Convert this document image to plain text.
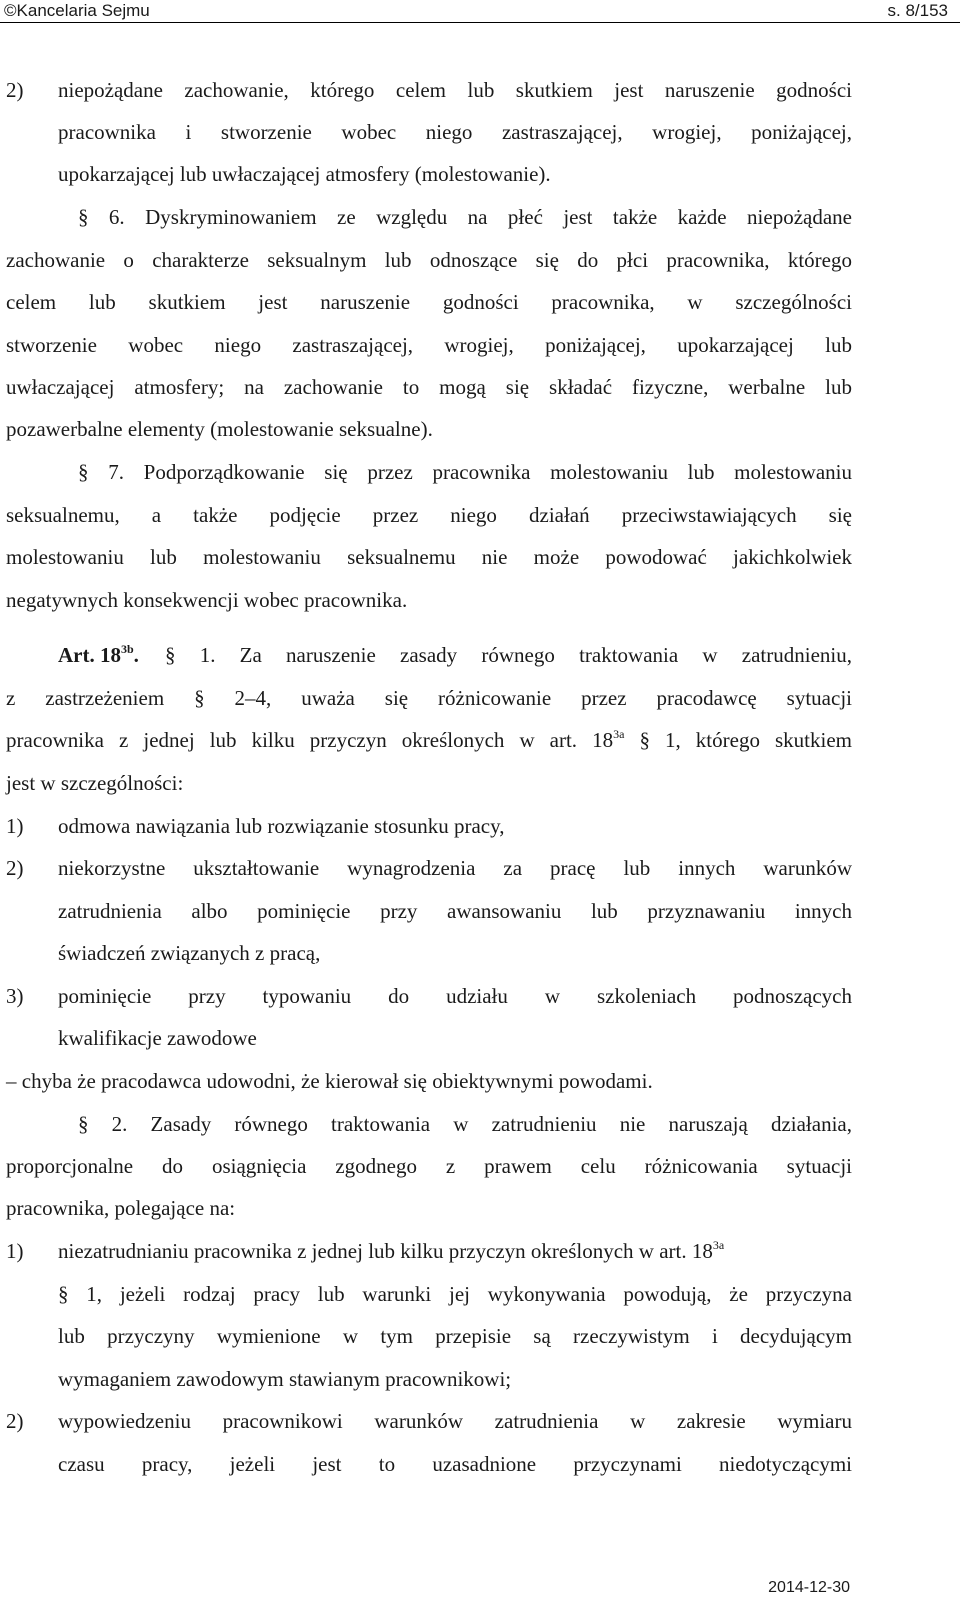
©Kancelaria Sejmu	s. 8/153
2)	niepożądane zachowanie, którego celem lub skutkiem jest naruszenie godności
pracownika i stworzenie wobec niego zastraszającej, wrogiej, poniżającej,
upokarzającej lub uwłaczającej atmosfery (molestowanie).
§ 6. Dyskryminowaniem ze względu na płeć jest także każde niepożądane
zachowanie o charakterze seksualnym lub odnoszące się do płci pracownika, którego
celem lub skutkiem jest naruszenie godności pracownika, w szczególności
stworzenie wobec niego zastraszającej, wrogiej, poniżającej, upokarzającej lub
uwłaczającej atmosfery; na zachowanie to mogą się składać fizyczne, werbalne lub
pozawerbalne elementy (molestowanie seksualne).
§ 7. Podporządkowanie się przez pracownika molestowaniu lub molestowaniu
seksualnemu, a także podjęcie przez niego działań przeciwstawiających się
molestowaniu lub molestowaniu seksualnemu nie może powodować jakichkolwiek
negatywnych konsekwencji wobec pracownika.
Art. $18^{3b}$.	§ 1. Za naruszenie zasady równego traktowania w zatrudnieniu,
z zastrzeżeniem § 2–4, uważa się różnicowanie przez pracodawcę sytuacji
pracownika z jednej lub kilku przyczyn określonych w art. $18^{3a}$ § 1, którego skutkiem
jest w szczególności:
1)	odmowa nawiązania lub rozwiązanie stosunku pracy,
2)	niekorzystne ukształtowanie wynagrodzenia za pracę lub innych warunków
zatrudnienia albo pominięcie przy awansowaniu lub przyznawaniu innych
świadczeń związanych z pracą,
3)	pominięcie przy typowaniu do udziału w szkoleniach podnoszących
kwalifikacje zawodowe
– chyba że pracodawca udowodni, że kierował się obiektywnymi powodami.
§ 2. Zasady równego traktowania w zatrudnieniu nie naruszają działania,
proporcjonalne do osiągnięcia zgodnego z prawem celu różnicowania sytuacji
pracownika, polegające na:
1)	niezatrudnianiu pracownika z jednej lub kilku przyczyn określonych w art. $18^{3a}$
§ 1, jeżeli rodzaj pracy lub warunki jej wykonywania powodują, że przyczyna
lub przyczyny wymienione w tym przepisie są rzeczywistym i decydującym
wymaganiem zawodowym stawianym pracownikowi;
2)	wypowiedzeniu pracownikowi warunków zatrudnienia w zakresie wymiaru
czasu pracy, jeżeli jest to uzasadnione przyczynami niedotyczącymi
2014-12-30
